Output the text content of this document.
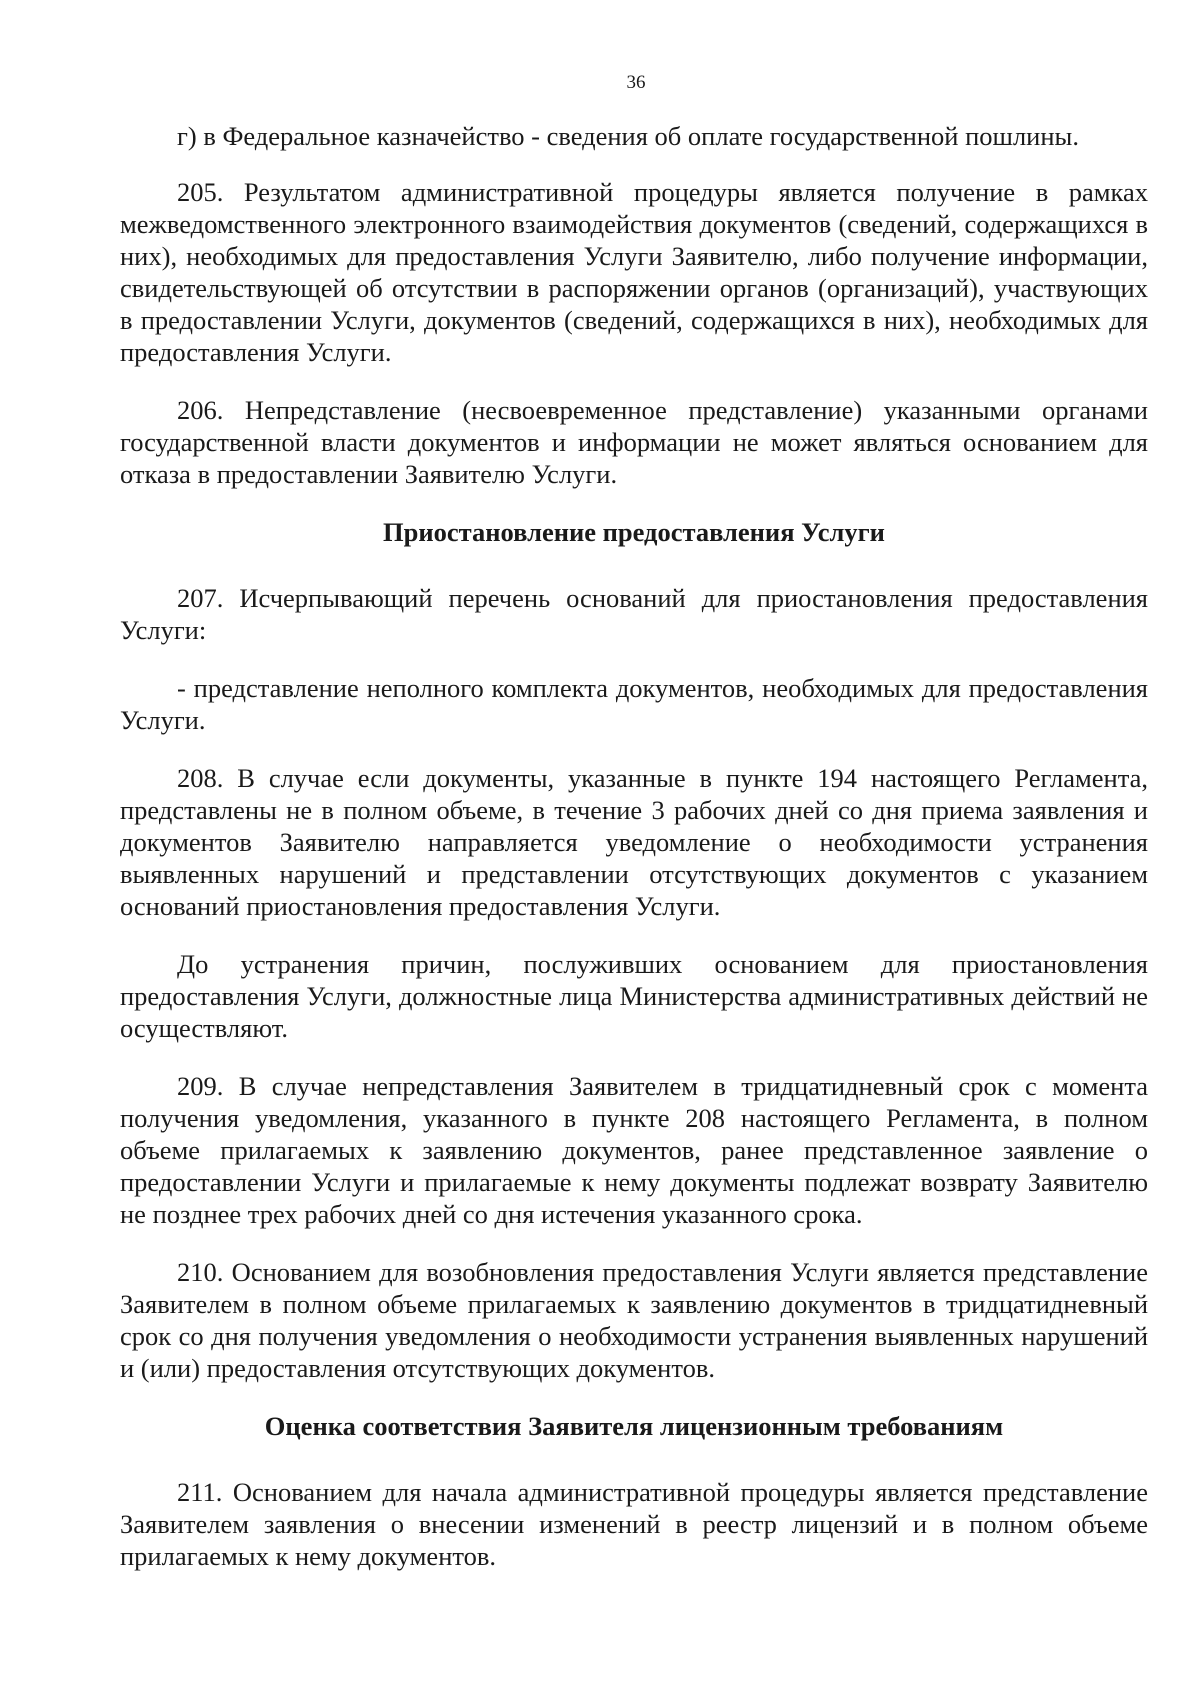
36

г) в Федеральное казначейство - сведения об оплате государственной пошлины.

205. Результатом административной процедуры является получение в рамках межведомственного электронного взаимодействия документов (сведений, содержащихся в них), необходимых для предоставления Услуги Заявителю, либо получение информации, свидетельствующей об отсутствии в распоряжении органов (организаций), участвующих в предоставлении Услуги, документов (сведений, содержащихся в них), необходимых для предоставления Услуги.

206. Непредставление (несвоевременное представление) указанными органами государственной власти документов и информации не может являться основанием для отказа в предоставлении Заявителю Услуги.

Приостановление предоставления Услуги

207. Исчерпывающий перечень оснований для приостановления предоставления Услуги:

- представление неполного комплекта документов, необходимых для предоставления Услуги.

208. В случае если документы, указанные в пункте 194 настоящего Регламента, представлены не в полном объеме, в течение 3 рабочих дней со дня приема заявления и документов Заявителю направляется уведомление о необходимости устранения выявленных нарушений и представлении отсутствующих документов с указанием оснований приостановления предоставления Услуги.

До устранения причин, послуживших основанием для приостановления предоставления Услуги, должностные лица Министерства административных действий не осуществляют.

209. В случае непредставления Заявителем в тридцатидневный срок с момента получения уведомления, указанного в пункте 208 настоящего Регламента, в полном объеме прилагаемых к заявлению документов, ранее представленное заявление о предоставлении Услуги и прилагаемые к нему документы подлежат возврату Заявителю не позднее трех рабочих дней со дня истечения указанного срока.

210. Основанием для возобновления предоставления Услуги является представление Заявителем в полном объеме прилагаемых к заявлению документов в тридцатидневный срок со дня получения уведомления о необходимости устранения выявленных нарушений и (или) предоставления отсутствующих документов.

Оценка соответствия Заявителя лицензионным требованиям

211. Основанием для начала административной процедуры является представление Заявителем заявления о внесении изменений в реестр лицензий и в полном объеме прилагаемых к нему документов.
